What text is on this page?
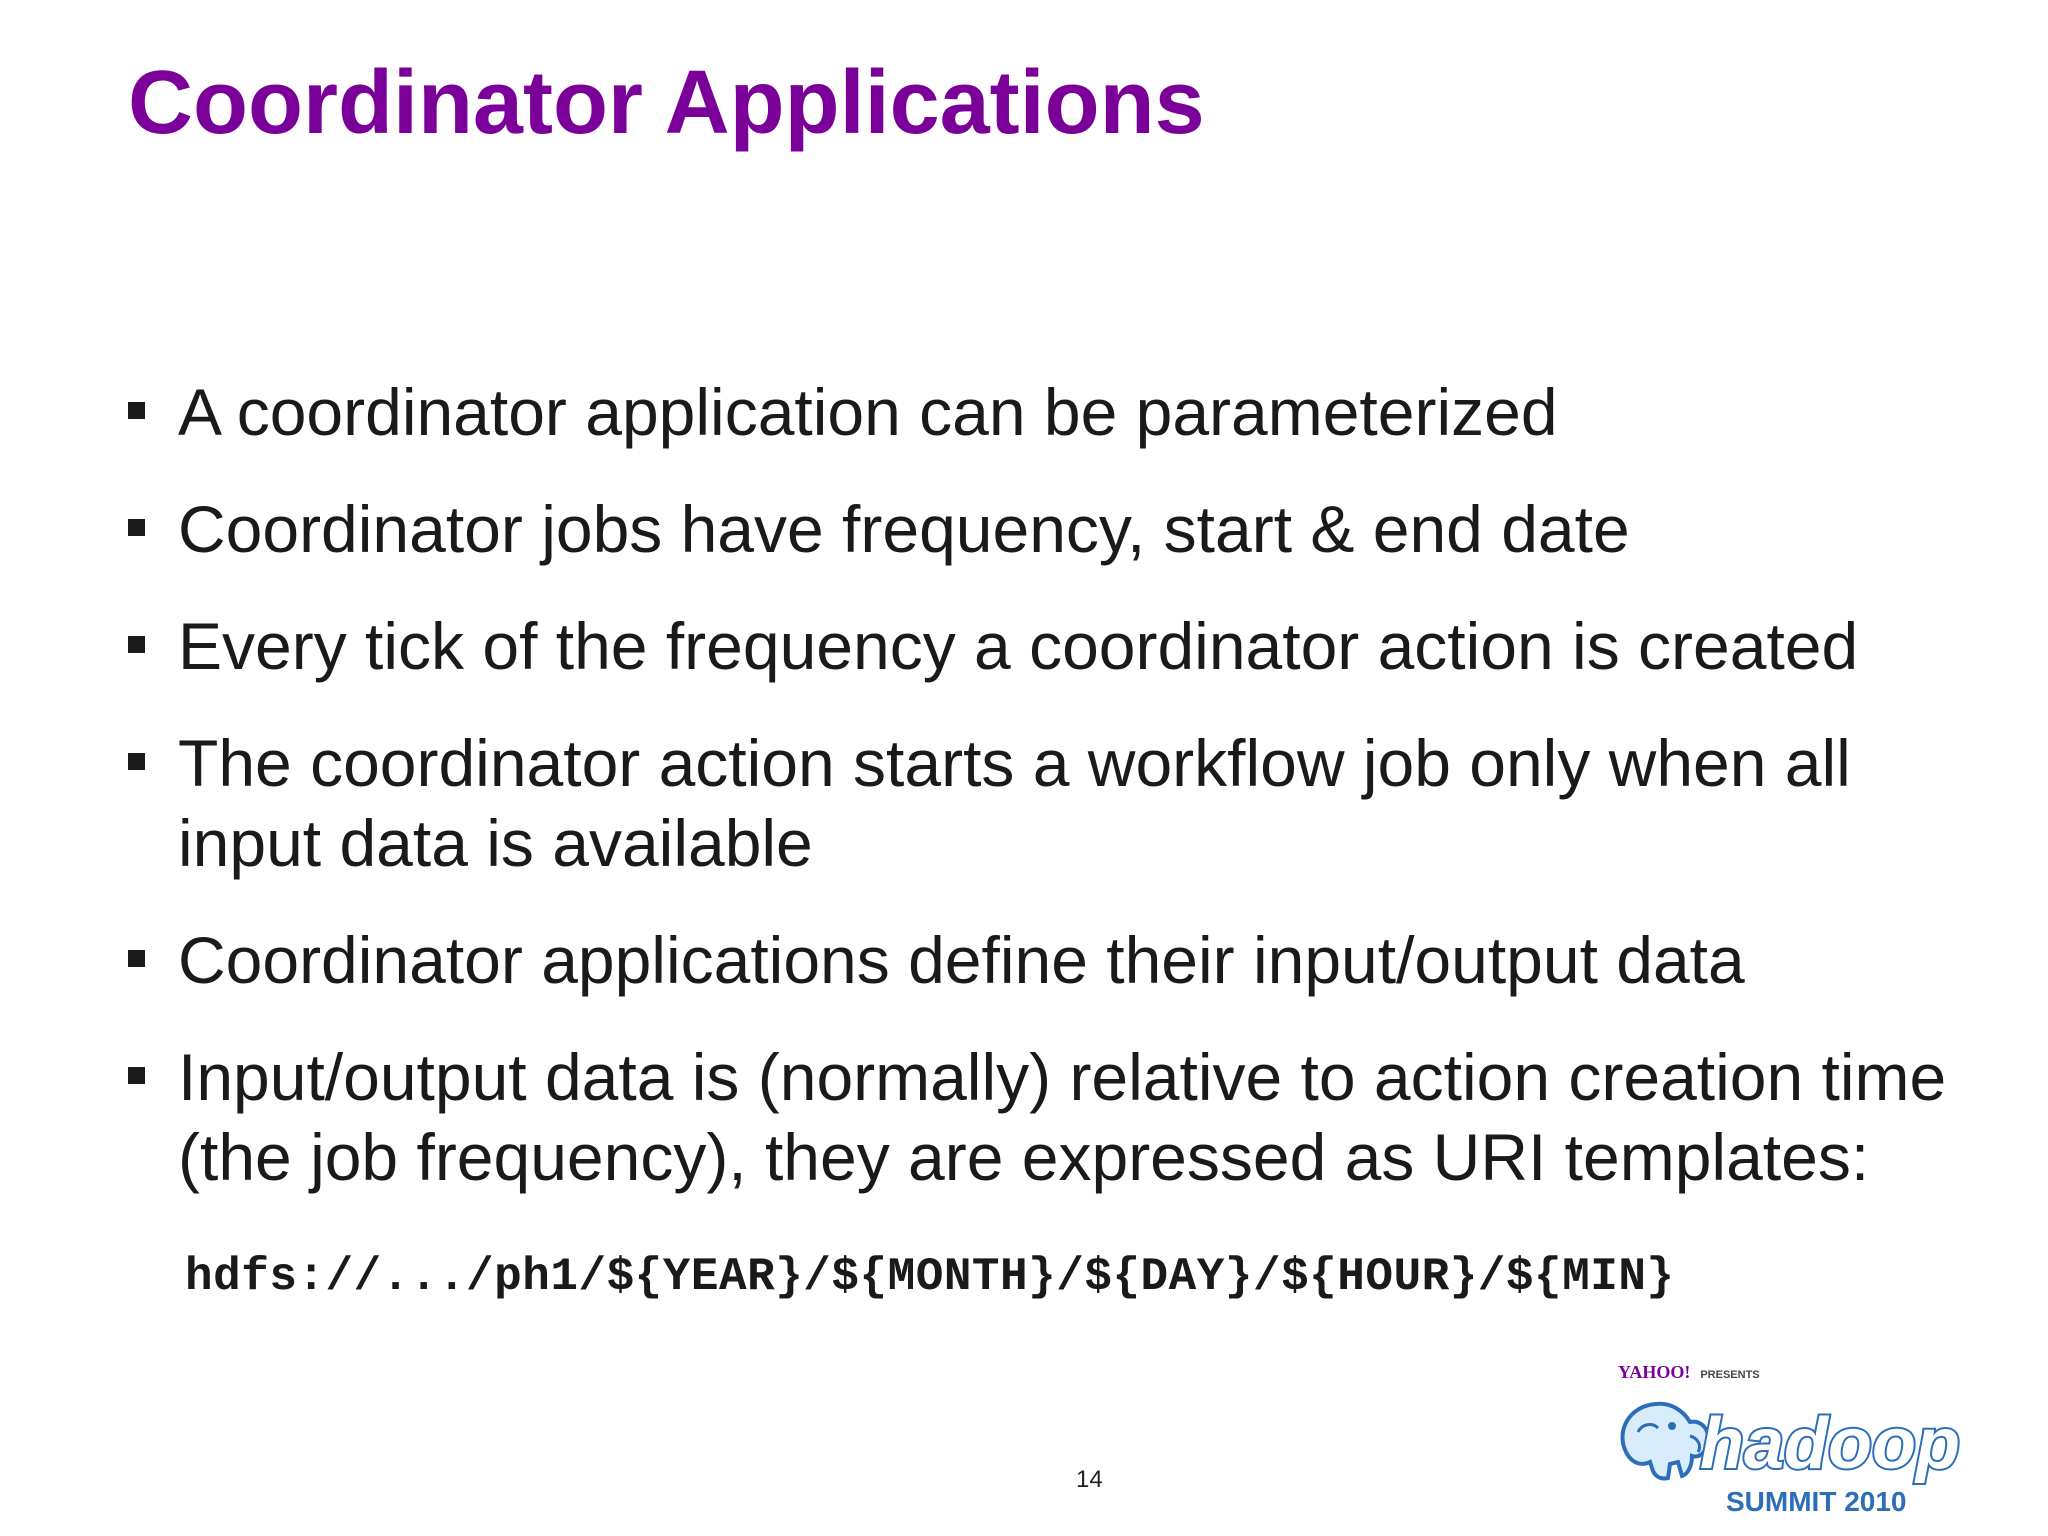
Coordinator Applications
A coordinator application can be parameterized
Coordinator jobs have frequency, start & end date
Every tick of the frequency a coordinator action is created
The coordinator action starts a workflow job only when all
input data is available
Coordinator applications define their input/output data
Input/output data is (normally) relative to action creation time
(the job frequency), they are expressed as URI templates:

hdfs://.../ph1/${YEAR}/${MONTH}/${DAY}/${HOUR}/${MIN}

14
YAHOO! PRESENTS
hadoop
SUMMIT 2010
